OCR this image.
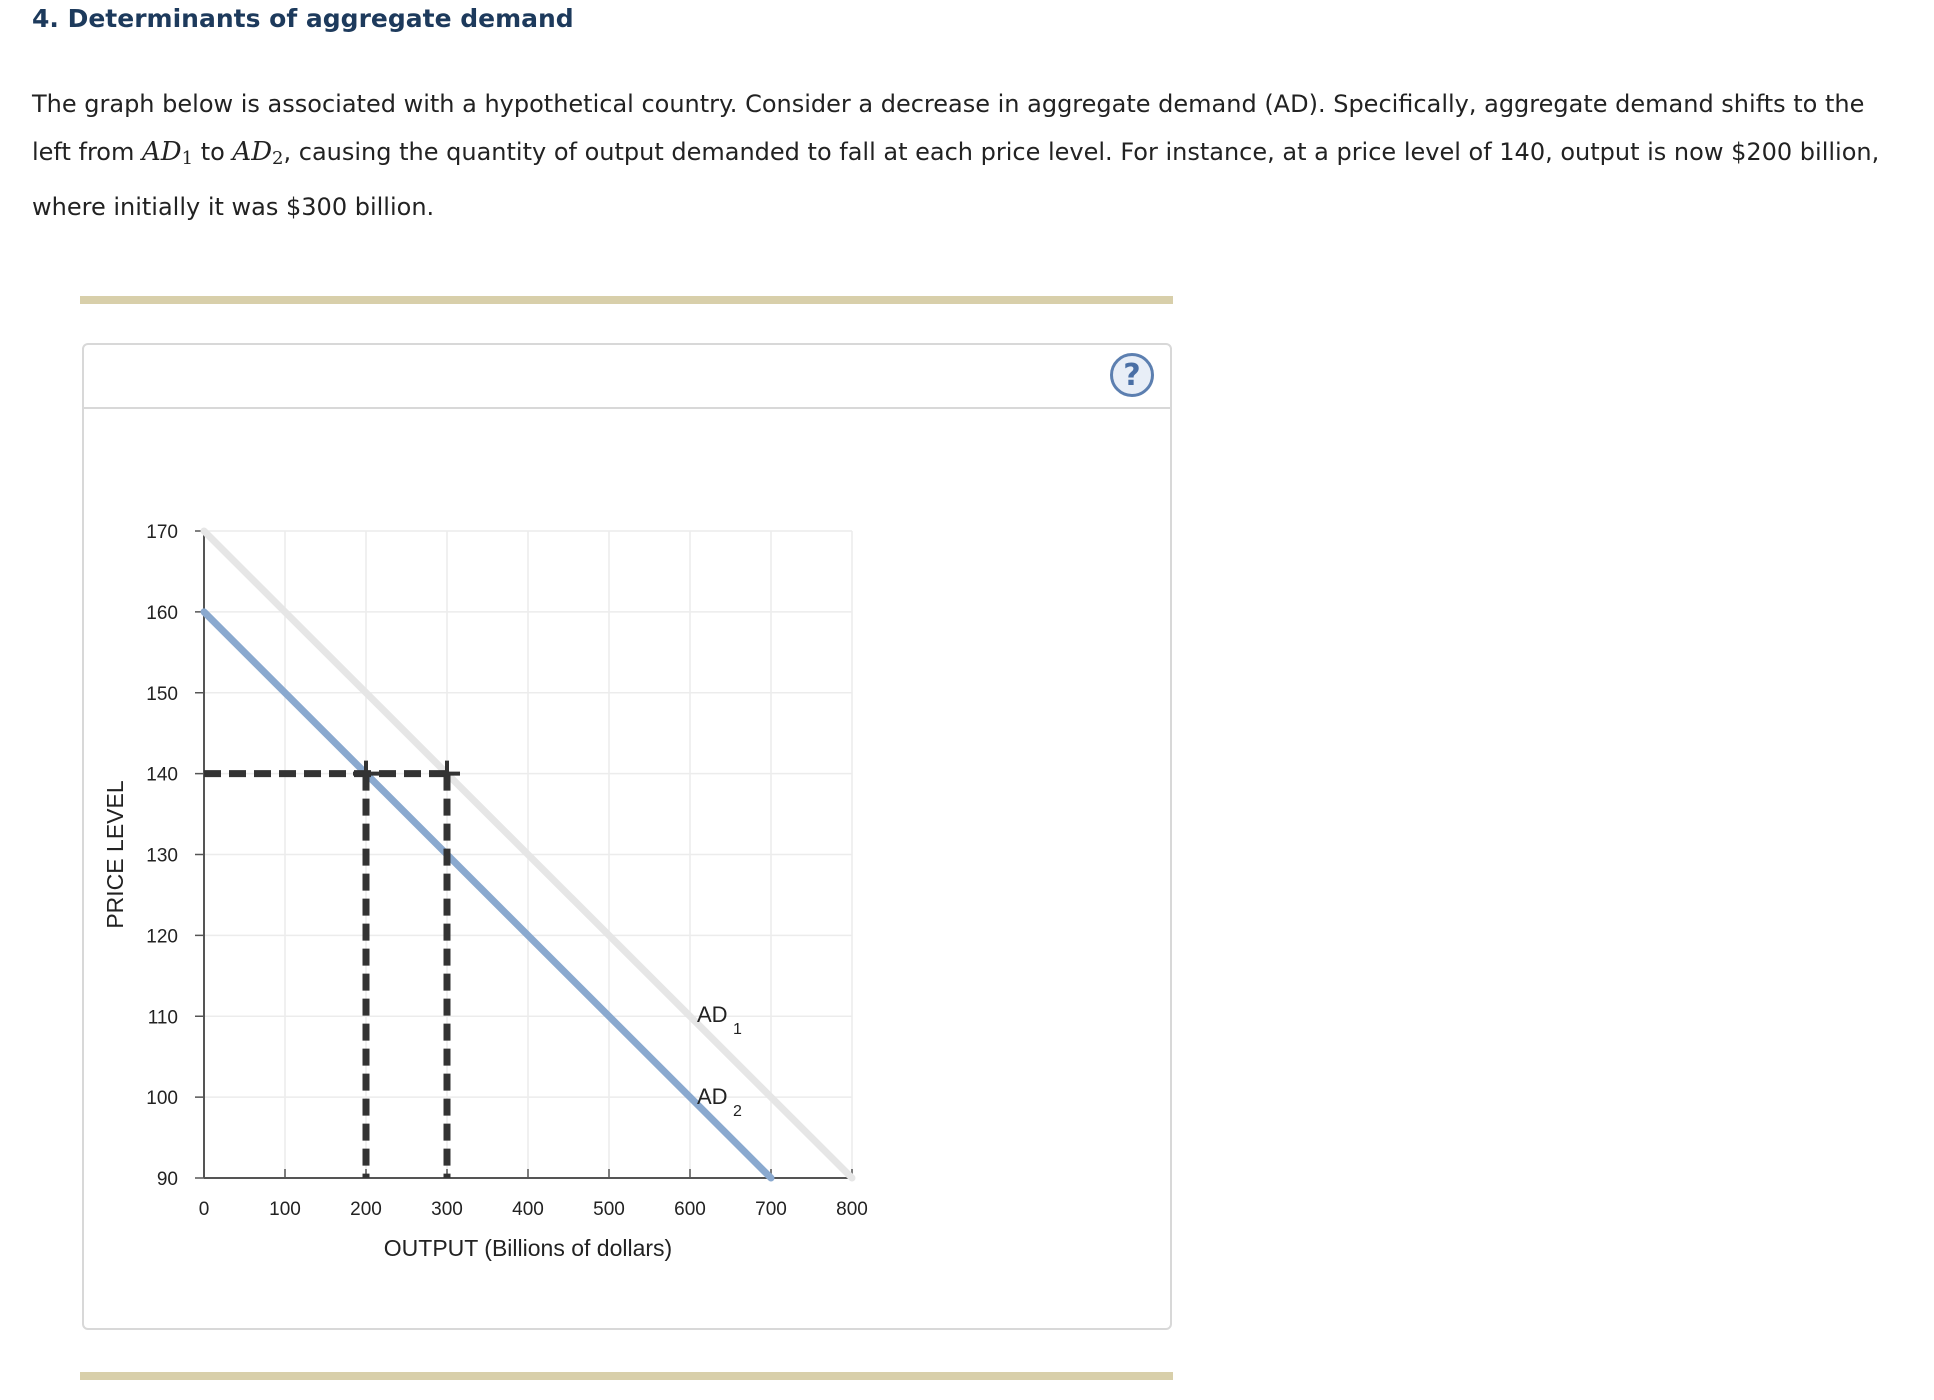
4. Determinants of aggregate demand

The graph below is associated with a hypothetical country. Consider a decrease in aggregate demand (AD). Specifically, aggregate demand shifts to the left from $AD_1$ to $AD_2$, causing the quantity of output demanded to fall at each price level. For instance, at a price level of 140, output is now $200 billion, where initially it was $300 billion.

?
90
100
110
120
130
140
150
160
170
0	100	200	300	400	500	600	700	800
OUTPUT (Billions of dollars)
PRICE LEVEL
AD
1
AD
2
